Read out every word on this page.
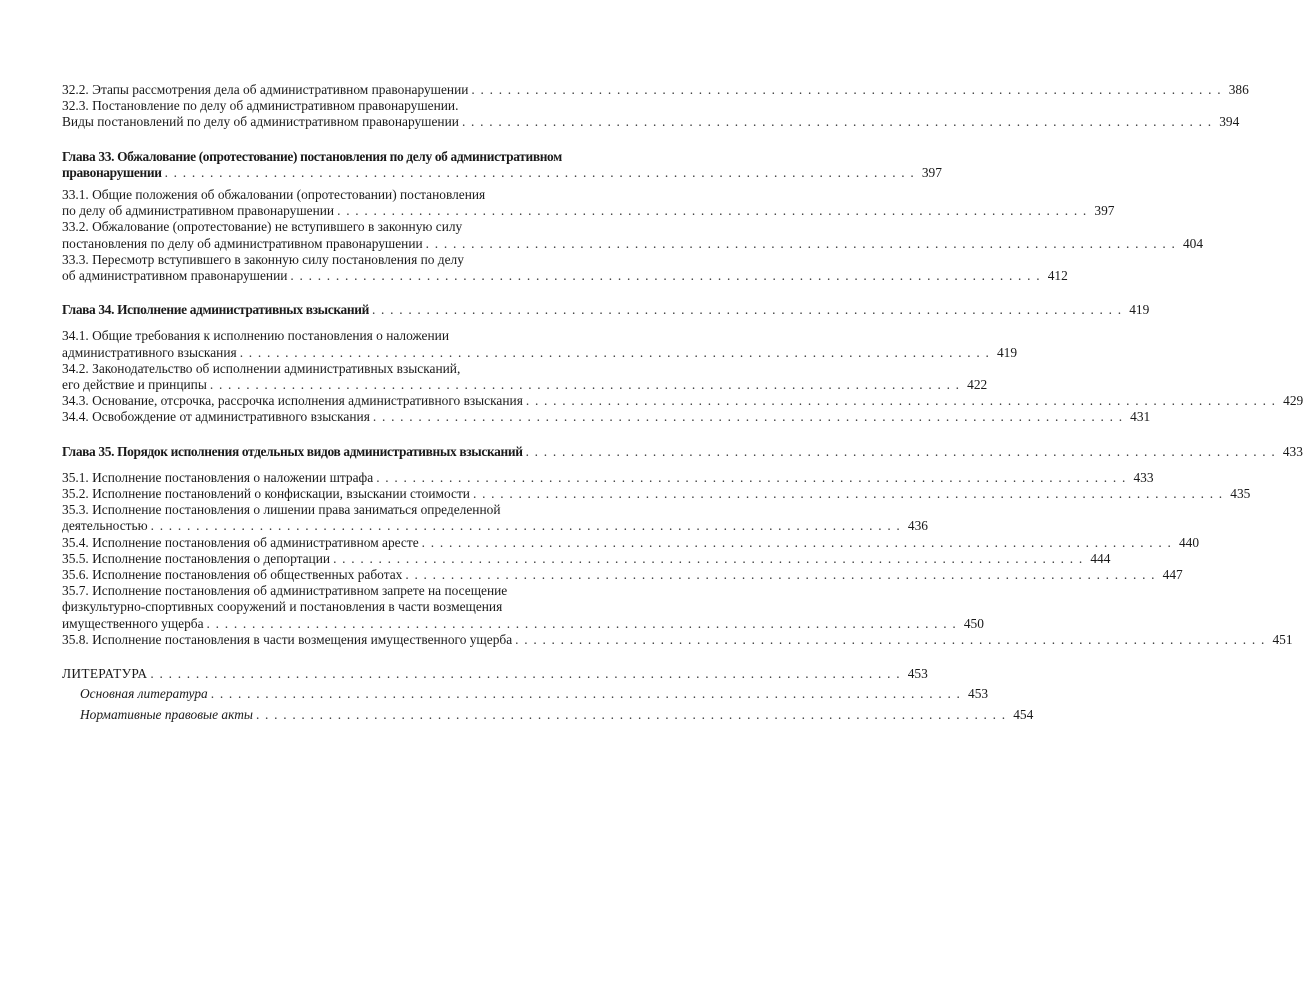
32.2. Этапы рассмотрения дела об административном правонарушении . . . . . . . . . . . . . . . . . . . . . . . . . . . . . . . . . . . . . . . . . . . . . . . . . . . . . . . . . . . . . . . . . . . . . . . . . . . . . . . . . . . 386
32.3. Постановление по делу об административном правонарушении.
Виды постановлений по делу об административном правонарушении . . . . . . . . . . . . . . . . . . . . . . . . . . . . . . . . . . . . . . . . . . . . . . . . . . . . . . . . . . . . . . . . . . . . . . . . . . . . . . . . . . . 394
Глава 33. Обжалование (опротестование) постановления по делу об административном
правонарушении . . . . . . . . . . . . . . . . . . . . . . . . . . . . . . . . . . . . . . . . . . . . . . . . . . . . . . . . . . . . . . . . . . . . . . . . . . . . . . . . . . . 397
33.1. Общие положения об обжаловании (опротестовании) постановления
по делу об административном правонарушении . . . . . . . . . . . . . . . . . . . . . . . . . . . . . . . . . . . . . . . . . . . . . . . . . . . . . . . . . . . . . . . . . . . . . . . . . . . . . . . . . . . 397
33.2. Обжалование (опротестование) не вступившего в законную силу
постановления по делу об административном правонарушении . . . . . . . . . . . . . . . . . . . . . . . . . . . . . . . . . . . . . . . . . . . . . . . . . . . . . . . . . . . . . . . . . . . . . . . . . . . . . . . . . . . 404
33.3. Пересмотр вступившего в законную силу постановления по делу
об административном правонарушении . . . . . . . . . . . . . . . . . . . . . . . . . . . . . . . . . . . . . . . . . . . . . . . . . . . . . . . . . . . . . . . . . . . . . . . . . . . . . . . . . . . 412
Глава 34. Исполнение административных взысканий . . . . . . . . . . . . . . . . . . . . . . . . . . . . . . . . . . . . . . . . . . . . . . . . . . . . . . . . . . . . . . . . . . . . . . . . . . . . . . . . . . . 419
34.1. Общие требования к исполнению постановления о наложении
административного взыскания . . . . . . . . . . . . . . . . . . . . . . . . . . . . . . . . . . . . . . . . . . . . . . . . . . . . . . . . . . . . . . . . . . . . . . . . . . . . . . . . . . . 419
34.2. Законодательство об исполнении административных взысканий,
его действие и принципы . . . . . . . . . . . . . . . . . . . . . . . . . . . . . . . . . . . . . . . . . . . . . . . . . . . . . . . . . . . . . . . . . . . . . . . . . . . . . . . . . . . 422
34.3. Основание, отсрочка, рассрочка исполнения административного взыскания . . . . . . . . . . . . . . . . . . . . . . . . . . . . . . . . . . . . . . . . . . . . . . . . . . . . . . . . . . . . . . . . . . . . . . . . . . . . . . . . . . . 429
34.4. Освобождение от административного взыскания . . . . . . . . . . . . . . . . . . . . . . . . . . . . . . . . . . . . . . . . . . . . . . . . . . . . . . . . . . . . . . . . . . . . . . . . . . . . . . . . . . . 431
Глава 35. Порядок исполнения отдельных видов административных взысканий . . . . . . . . . . . . . . . . . . . . . . . . . . . . . . . . . . . . . . . . . . . . . . . . . . . . . . . . . . . . . . . . . . . . . . . . . . . . . . . . . . . 433
35.1. Исполнение постановления о наложении штрафа . . . . . . . . . . . . . . . . . . . . . . . . . . . . . . . . . . . . . . . . . . . . . . . . . . . . . . . . . . . . . . . . . . . . . . . . . . . . . . . . . . . 433
35.2. Исполнение постановлений о конфискации, взыскании стоимости . . . . . . . . . . . . . . . . . . . . . . . . . . . . . . . . . . . . . . . . . . . . . . . . . . . . . . . . . . . . . . . . . . . . . . . . . . . . . . . . . . . 435
35.3. Исполнение постановления о лишении права заниматься определенной
деятельностью . . . . . . . . . . . . . . . . . . . . . . . . . . . . . . . . . . . . . . . . . . . . . . . . . . . . . . . . . . . . . . . . . . . . . . . . . . . . . . . . . . . 436
35.4. Исполнение постановления об административном аресте . . . . . . . . . . . . . . . . . . . . . . . . . . . . . . . . . . . . . . . . . . . . . . . . . . . . . . . . . . . . . . . . . . . . . . . . . . . . . . . . . . . 440
35.5. Исполнение постановления о депортации . . . . . . . . . . . . . . . . . . . . . . . . . . . . . . . . . . . . . . . . . . . . . . . . . . . . . . . . . . . . . . . . . . . . . . . . . . . . . . . . . . . 444
35.6. Исполнение постановления об общественных работах . . . . . . . . . . . . . . . . . . . . . . . . . . . . . . . . . . . . . . . . . . . . . . . . . . . . . . . . . . . . . . . . . . . . . . . . . . . . . . . . . . . 447
35.7. Исполнение постановления об административном запрете на посещение
физкультурно-спортивных сооружений и постановления в части возмещения
имущественного ущерба . . . . . . . . . . . . . . . . . . . . . . . . . . . . . . . . . . . . . . . . . . . . . . . . . . . . . . . . . . . . . . . . . . . . . . . . . . . . . . . . . . . 450
35.8. Исполнение постановления в части возмещения имущественного ущерба . . . . . . . . . . . . . . . . . . . . . . . . . . . . . . . . . . . . . . . . . . . . . . . . . . . . . . . . . . . . . . . . . . . . . . . . . . . . . . . . . . . 451
ЛИТЕРАТУРА . . . . . . . . . . . . . . . . . . . . . . . . . . . . . . . . . . . . . . . . . . . . . . . . . . . . . . . . . . . . . . . . . . . . . . . . . . . . . . . . . . . 453
Основная литература . . . . . . . . . . . . . . . . . . . . . . . . . . . . . . . . . . . . . . . . . . . . . . . . . . . . . . . . . . . . . . . . . . . . . . . . . . . . . . . . . . . 453
Нормативные правовые акты . . . . . . . . . . . . . . . . . . . . . . . . . . . . . . . . . . . . . . . . . . . . . . . . . . . . . . . . . . . . . . . . . . . . . . . . . . . . . . . . . . . 454
